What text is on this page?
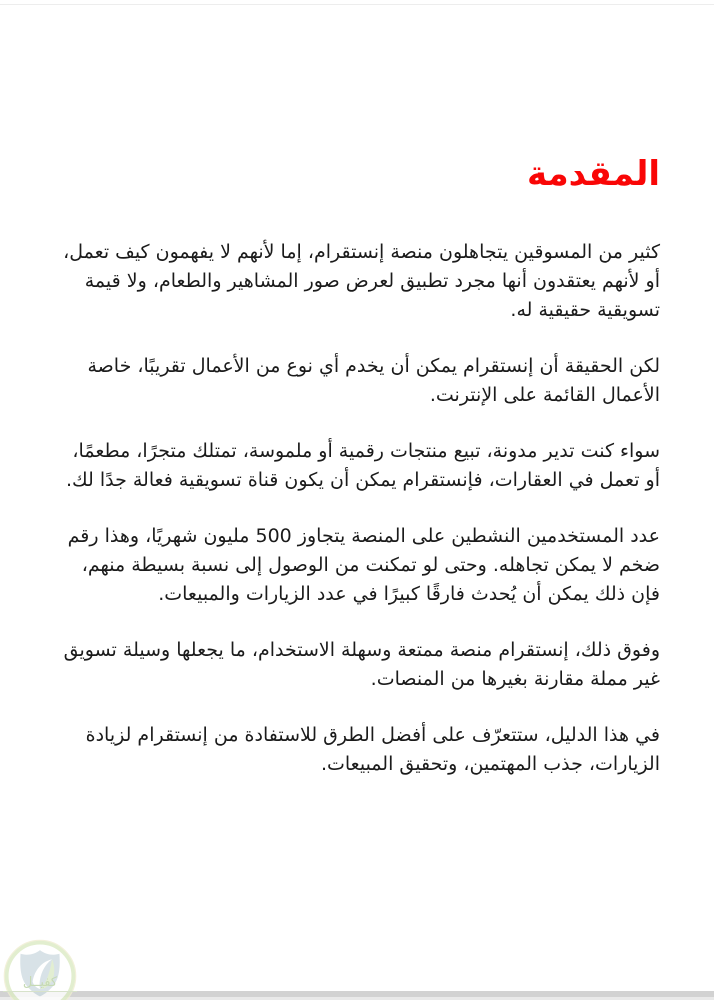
المقدمة

كثير من المسوقين يتجاهلون منصة إنستقرام، إما لأنهم لا يفهمون كيف تعمل، أو لأنهم يعتقدون أنها مجرد تطبيق لعرض صور المشاهير والطعام، ولا قيمة تسويقية حقيقية له.

لكن الحقيقة أن إنستقرام يمكن أن يخدم أي نوع من الأعمال تقريبًا، خاصة الأعمال القائمة على الإنترنت.

سواء كنت تدير مدونة، تبيع منتجات رقمية أو ملموسة، تمتلك متجرًا، مطعمًا، أو تعمل في العقارات، فإنستقرام يمكن أن يكون قناة تسويقية فعالة جدًا لك.

عدد المستخدمين النشطين على المنصة يتجاوز 500 مليون شهريًا، وهذا رقم ضخم لا يمكن تجاهله. وحتى لو تمكنت من الوصول إلى نسبة بسيطة منهم، فإن ذلك يمكن أن يُحدث فارقًا كبيرًا في عدد الزيارات والمبيعات.

وفوق ذلك، إنستقرام منصة ممتعة وسهلة الاستخدام، ما يجعلها وسيلة تسويق غير مملة مقارنة بغيرها من المنصات.

في هذا الدليل، ستتعرّف على أفضل الطرق للاستفادة من إنستقرام لزيادة الزيارات، جذب المهتمين، وتحقيق المبيعات.

كفيــل
